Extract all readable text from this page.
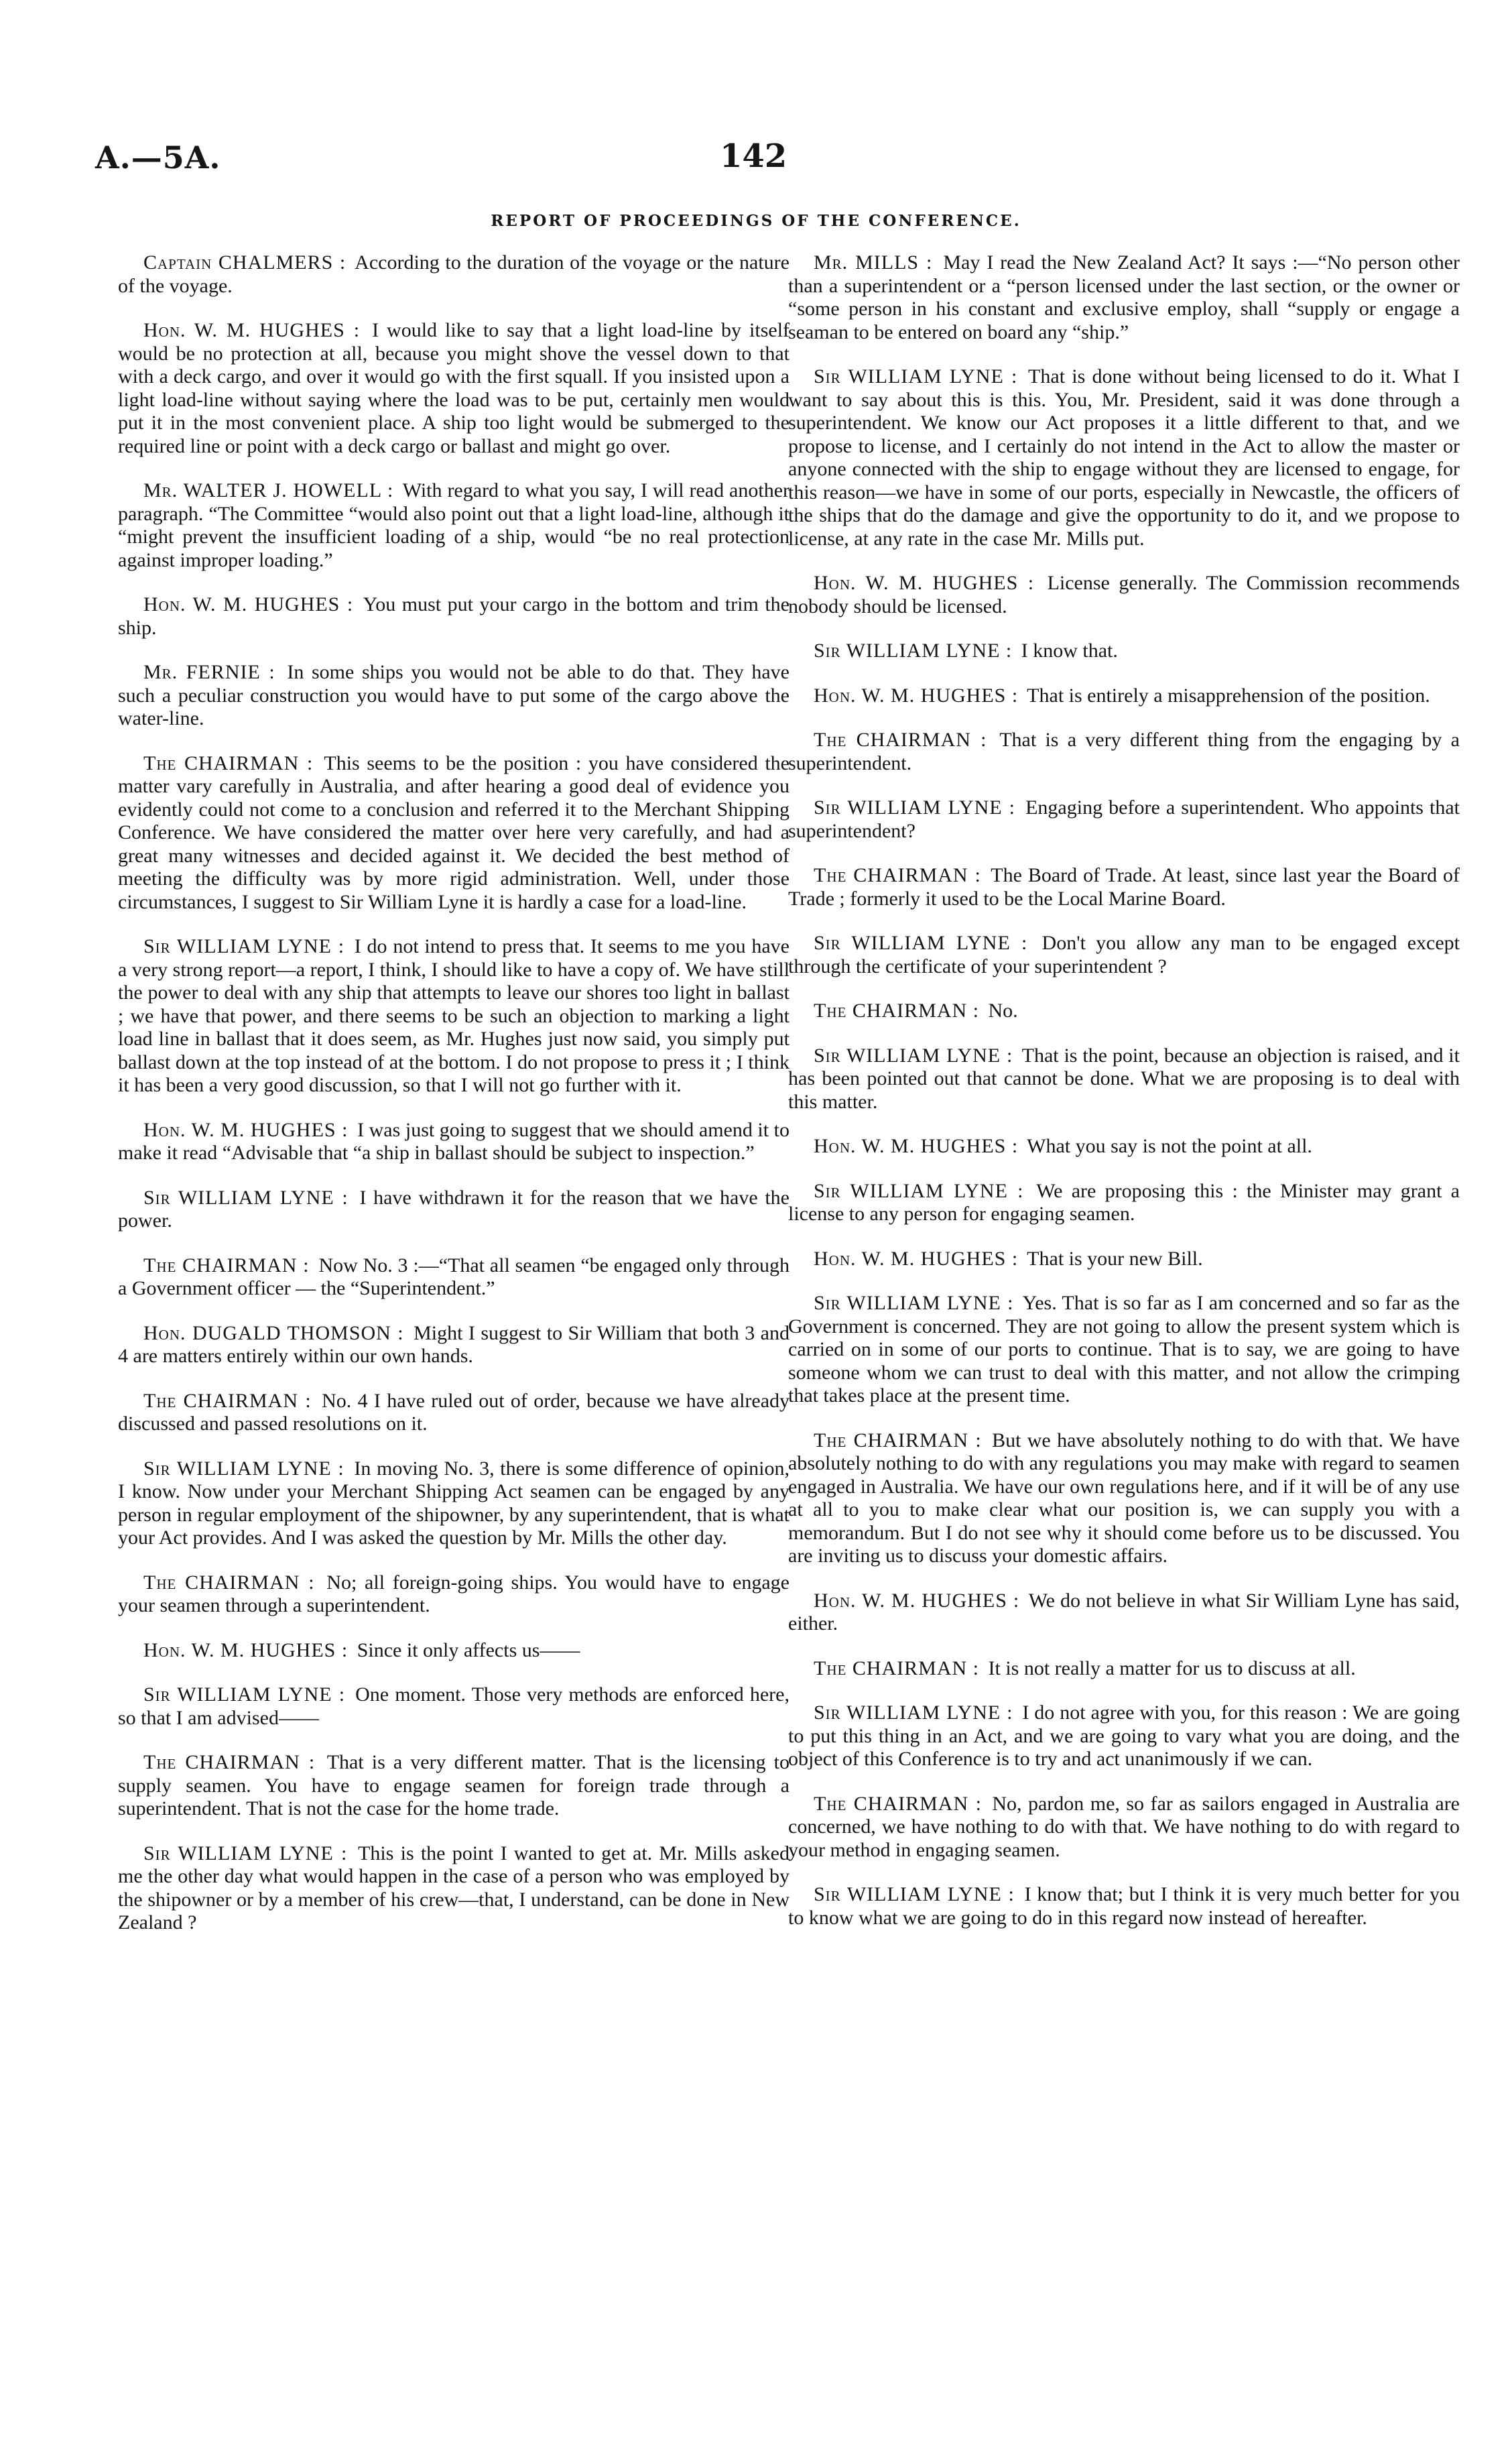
A.—5A.	142
REPORT OF PROCEEDINGS OF THE CONFERENCE.

Captain CHALMERS : According to the duration of the voyage or the nature of the voyage.

Hon. W. M. HUGHES : I would like to say that a light load-line by itself would be no protection at all, because you might shove the vessel down to that with a deck cargo, and over it would go with the first squall. If you insisted upon a light load-line without saying where the load was to be put, certainly men would put it in the most convenient place. A ship too light would be submerged to the required line or point with a deck cargo or ballast and might go over.

Mr. WALTER J. HOWELL : With regard to what you say, I will read another paragraph. “The Committee “would also point out that a light load-line, although it “might prevent the insufficient loading of a ship, would “be no real protection against improper loading.”

Hon. W. M. HUGHES : You must put your cargo in the bottom and trim the ship.

Mr. FERNIE : In some ships you would not be able to do that. They have such a peculiar construction you would have to put some of the cargo above the water-line.

The CHAIRMAN : This seems to be the position : you have considered the matter vary carefully in Australia, and after hearing a good deal of evidence you evidently could not come to a conclusion and referred it to the Merchant Shipping Conference. We have considered the matter over here very carefully, and had a great many witnesses and decided against it. We decided the best method of meeting the difficulty was by more rigid administration. Well, under those circumstances, I suggest to Sir William Lyne it is hardly a case for a load-line.

Sir WILLIAM LYNE : I do not intend to press that. It seems to me you have a very strong report—a report, I think, I should like to have a copy of. We have still the power to deal with any ship that attempts to leave our shores too light in ballast ; we have that power, and there seems to be such an objection to marking a light load line in ballast that it does seem, as Mr. Hughes just now said, you simply put ballast down at the top instead of at the bottom. I do not propose to press it ; I think it has been a very good discussion, so that I will not go further with it.

Hon. W. M. HUGHES : I was just going to suggest that we should amend it to make it read “Advisable that “a ship in ballast should be subject to inspection.”

Sir WILLIAM LYNE : I have withdrawn it for the reason that we have the power.

The CHAIRMAN : Now No. 3 :—“That all seamen “be engaged only through a Government officer — the “Superintendent.”

Hon. DUGALD THOMSON : Might I suggest to Sir William that both 3 and 4 are matters entirely within our own hands.

The CHAIRMAN : No. 4 I have ruled out of order, because we have already discussed and passed resolutions on it.

Sir WILLIAM LYNE : In moving No. 3, there is some difference of opinion, I know. Now under your Merchant Shipping Act seamen can be engaged by any person in regular employment of the shipowner, by any superintendent, that is what your Act provides. And I was asked the question by Mr. Mills the other day.

The CHAIRMAN : No; all foreign-going ships. You would have to engage your seamen through a superintendent.

Hon. W. M. HUGHES : Since it only affects us——

Sir WILLIAM LYNE : One moment. Those very methods are enforced here, so that I am advised——

The CHAIRMAN : That is a very different matter. That is the licensing to supply seamen. You have to engage seamen for foreign trade through a superintendent. That is not the case for the home trade.

Sir WILLIAM LYNE : This is the point I wanted to get at. Mr. Mills asked me the other day what would happen in the case of a person who was employed by the shipowner or by a member of his crew—that, I understand, can be done in New Zealand ?

Mr. MILLS : May I read the New Zealand Act? It says :—“No person other than a superintendent or a “person licensed under the last section, or the owner or “some person in his constant and exclusive employ, shall “supply or engage a seaman to be entered on board any “ship.”

Sir WILLIAM LYNE : That is done without being licensed to do it. What I want to say about this is this. You, Mr. President, said it was done through a superintendent. We know our Act proposes it a little different to that, and we propose to license, and I certainly do not intend in the Act to allow the master or anyone connected with the ship to engage without they are licensed to engage, for this reason—we have in some of our ports, especially in Newcastle, the officers of the ships that do the damage and give the opportunity to do it, and we propose to license, at any rate in the case Mr. Mills put.

Hon. W. M. HUGHES : License generally. The Commission recommends nobody should be licensed.

Sir WILLIAM LYNE : I know that.

Hon. W. M. HUGHES : That is entirely a misapprehension of the position.

The CHAIRMAN : That is a very different thing from the engaging by a superintendent.

Sir WILLIAM LYNE : Engaging before a superintendent. Who appoints that superintendent?

The CHAIRMAN : The Board of Trade. At least, since last year the Board of Trade ; formerly it used to be the Local Marine Board.

Sir WILLIAM LYNE : Don't you allow any man to be engaged except through the certificate of your superintendent ?

The CHAIRMAN : No.

Sir WILLIAM LYNE : That is the point, because an objection is raised, and it has been pointed out that cannot be done. What we are proposing is to deal with this matter.

Hon. W. M. HUGHES : What you say is not the point at all.

Sir WILLIAM LYNE : We are proposing this : the Minister may grant a license to any person for engaging seamen.

Hon. W. M. HUGHES : That is your new Bill.

Sir WILLIAM LYNE : Yes. That is so far as I am concerned and so far as the Government is concerned. They are not going to allow the present system which is carried on in some of our ports to continue. That is to say, we are going to have someone whom we can trust to deal with this matter, and not allow the crimping that takes place at the present time.

The CHAIRMAN : But we have absolutely nothing to do with that. We have absolutely nothing to do with any regulations you may make with regard to seamen engaged in Australia. We have our own regulations here, and if it will be of any use at all to you to make clear what our position is, we can supply you with a memorandum. But I do not see why it should come before us to be discussed. You are inviting us to discuss your domestic affairs.

Hon. W. M. HUGHES : We do not believe in what Sir William Lyne has said, either.

The CHAIRMAN : It is not really a matter for us to discuss at all.

Sir WILLIAM LYNE : I do not agree with you, for this reason : We are going to put this thing in an Act, and we are going to vary what you are doing, and the object of this Conference is to try and act unanimously if we can.

The CHAIRMAN : No, pardon me, so far as sailors engaged in Australia are concerned, we have nothing to do with that. We have nothing to do with regard to your method in engaging seamen.

Sir WILLIAM LYNE : I know that; but I think it is very much better for you to know what we are going to do in this regard now instead of hereafter.
